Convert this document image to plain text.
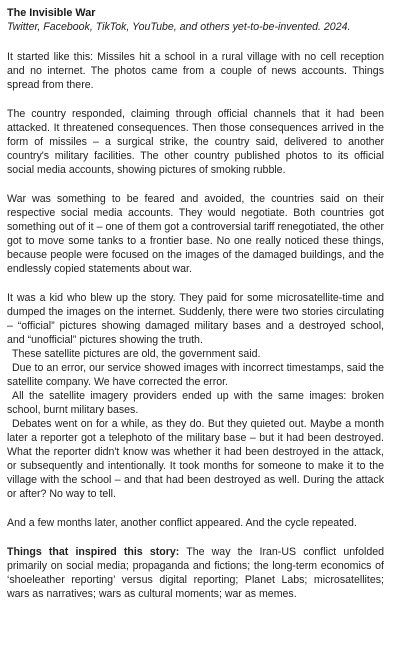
The Invisible War
Twitter, Facebook, TikTok, YouTube, and others yet-to-be-invented. 2024.

It started like this: Missiles hit a school in a rural village with no cell reception and no internet. The photos came from a couple of news accounts. Things spread from there.

The country responded, claiming through official channels that it had been attacked. It threatened consequences. Then those consequences arrived in the form of missiles – a surgical strike, the country said, delivered to another country's military facilities. The other country published photos to its official social media accounts, showing pictures of smoking rubble.

War was something to be feared and avoided, the countries said on their respective social media accounts. They would negotiate. Both countries got something out of it – one of them got a controversial tariff renegotiated, the other got to move some tanks to a frontier base. No one really noticed these things, because people were focused on the images of the damaged buildings, and the endlessly copied statements about war.

It was a kid who blew up the story. They paid for some microsatellite-time and dumped the images on the internet. Suddenly, there were two stories circulating – “official” pictures showing damaged military bases and a destroyed school, and “unofficial” pictures showing the truth.

These satellite pictures are old, the government said.

Due to an error, our service showed images with incorrect timestamps, said the satellite company. We have corrected the error.

All the satellite imagery providers ended up with the same images: broken school, burnt military bases.

Debates went on for a while, as they do. But they quieted out. Maybe a month later a reporter got a telephoto of the military base – but it had been destroyed. What the reporter didn't know was whether it had been destroyed in the attack, or subsequently and intentionally. It took months for someone to make it to the village with the school – and that had been destroyed as well. During the attack or after? No way to tell.

And a few months later, another conflict appeared. And the cycle repeated.

Things that inspired this story: The way the Iran-US conflict unfolded primarily on social media; propaganda and fictions; the long-term economics of ‘shoeleather reporting’ versus digital reporting; Planet Labs; microsatellites; wars as narratives; wars as cultural moments; war as memes.
